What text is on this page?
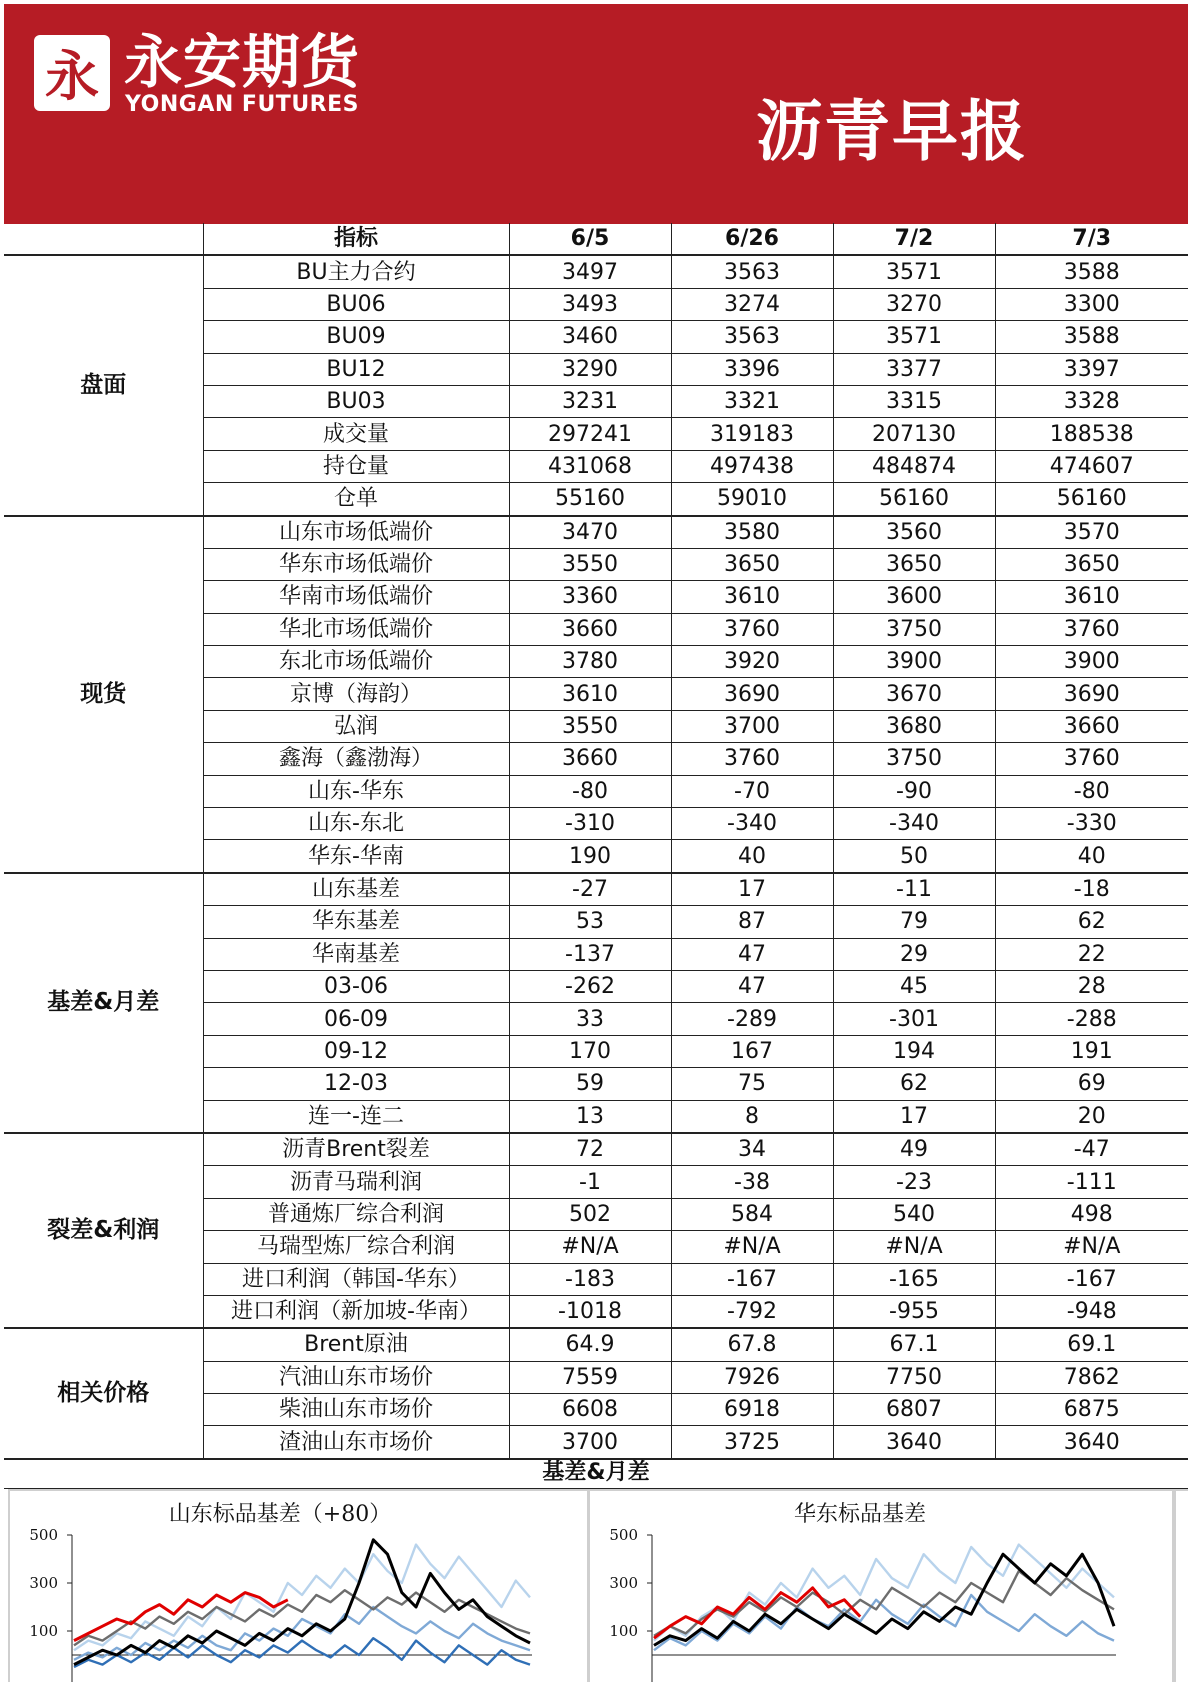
永 永安期货
YONGAN FUTURES	沥青早报
	指标	6/5	6/26	7/2	7/3
盘面	BU主力合约	3497	3563	3571	3588
	BU06	3493	3274	3270	3300
	BU09	3460	3563	3571	3588
	BU12	3290	3396	3377	3397
	BU03	3231	3321	3315	3328
	成交量	297241	319183	207130	188538
	持仓量	431068	497438	484874	474607
	仓单	55160	59010	56160	56160
现货	山东市场低端价	3470	3580	3560	3570
	华东市场低端价	3550	3650	3650	3650
	华南市场低端价	3360	3610	3600	3610
	华北市场低端价	3660	3760	3750	3760
	东北市场低端价	3780	3920	3900	3900
	京博（海韵）	3610	3690	3670	3690
	弘润	3550	3700	3680	3660
	鑫海（鑫渤海）	3660	3760	3750	3760
	山东-华东	-80	-70	-90	-80
	山东-东北	-310	-340	-340	-330
	华东-华南	190	40	50	40
基差&月差	山东基差	-27	17	-11	-18
	华东基差	53	87	79	62
	华南基差	-137	47	29	22
	03-06	-262	47	45	28
	06-09	33	-289	-301	-288
	09-12	170	167	194	191
	12-03	59	75	62	69
	连一-连二	13	8	17	20
裂差&利润	沥青Brent裂差	72	34	49	-47
	沥青马瑞利润	-1	-38	-23	-111
	普通炼厂综合利润	502	584	540	498
	马瑞型炼厂综合利润	#N/A	#N/A	#N/A	#N/A
	进口利润（韩国-华东）	-183	-167	-165	-167
	进口利润（新加坡-华南）	-1018	-792	-955	-948
相关价格	Brent原油	64.9	67.8	67.1	69.1
	汽油山东市场价	7559	7926	7750	7862
	柴油山东市场价	6608	6918	6807	6875
	渣油山东市场价	3700	3725	3640	3640
基差&月差
山东标品基差（+80）
500
300
100
华东标品基差
500
300
100
